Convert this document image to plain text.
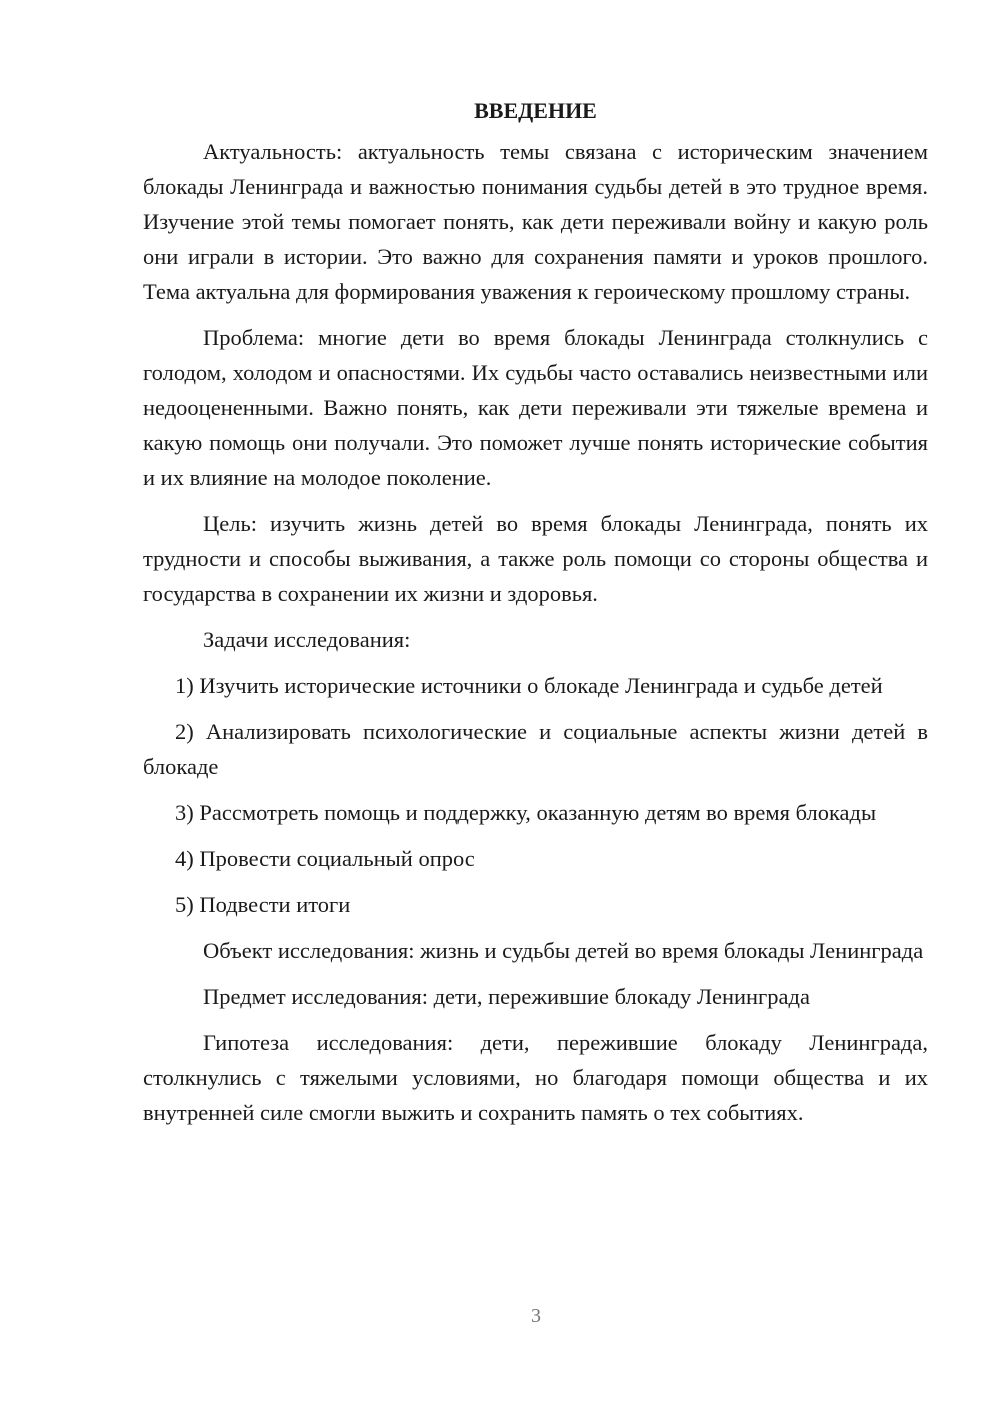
ВВЕДЕНИЕ

Актуальность: актуальность темы связана с историческим значением блокады Ленинграда и важностью понимания судьбы детей в это трудное время. Изучение этой темы помогает понять, как дети переживали войну и какую роль они играли в истории. Это важно для сохранения памяти и уроков прошлого. Тема актуальна для формирования уважения к героическому прошлому страны.

Проблема: многие дети во время блокады Ленинграда столкнулись с голодом, холодом и опасностями. Их судьбы часто оставались неизвестными или недооцененными. Важно понять, как дети переживали эти тяжелые времена и какую помощь они получали. Это поможет лучше понять исторические события и их влияние на молодое поколение.

Цель: изучить жизнь детей во время блокады Ленинграда, понять их трудности и способы выживания, а также роль помощи со стороны общества и государства в сохранении их жизни и здоровья.

Задачи исследования:

1) Изучить исторические источники о блокаде Ленинграда и судьбе детей

2) Анализировать психологические и социальные аспекты жизни детей в блокаде

3) Рассмотреть помощь и поддержку, оказанную детям во время блокады

4) Провести социальный опрос

5) Подвести итоги

Объект исследования: жизнь и судьбы детей во время блокады Ленинграда

Предмет исследования: дети, пережившие блокаду Ленинграда

Гипотеза исследования: дети, пережившие блокаду Ленинграда, столкнулись с тяжелыми условиями, но благодаря помощи общества и их внутренней силе смогли выжить и сохранить память о тех событиях.

3
